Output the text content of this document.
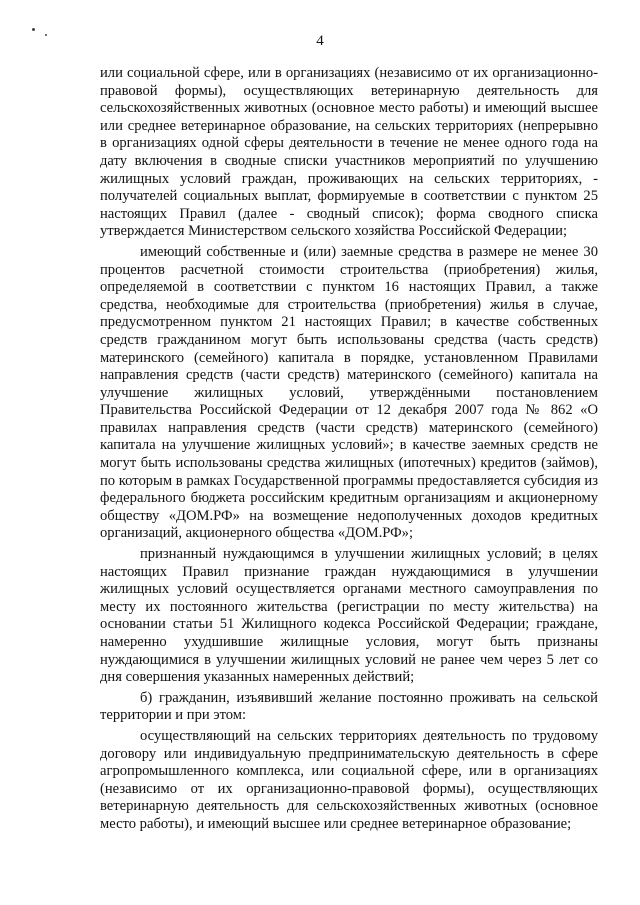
4

или социальной сфере, или в организациях (независимо от их организационно-правовой формы), осуществляющих ветеринарную деятельность для сельскохозяйственных животных (основное место работы) и имеющий высшее или среднее ветеринарное образование, на сельских территориях (непрерывно в организациях одной сферы деятельности в течение не менее одного года на дату включения в сводные списки участников мероприятий по улучшению жилищных условий граждан, проживающих на сельских территориях, - получателей социальных выплат, формируемые в соответствии с пунктом 25 настоящих Правил (далее - сводный список); форма сводного списка утверждается Министерством сельского хозяйства Российской Федерации;

имеющий собственные и (или) заемные средства в размере не менее 30 процентов расчетной стоимости строительства (приобретения) жилья, определяемой в соответствии с пунктом 16 настоящих Правил, а также средства, необходимые для строительства (приобретения) жилья в случае, предусмотренном пунктом 21 настоящих Правил; в качестве собственных средств гражданином могут быть использованы средства (часть средств) материнского (семейного) капитала в порядке, установленном Правилами направления средств (части средств) материнского (семейного) капитала на улучшение жилищных условий, утверждёнными постановлением Правительства Российской Федерации от 12 декабря 2007 года № 862 «О правилах направления средств (части средств) материнского (семейного) капитала на улучшение жилищных условий»; в качестве заемных средств не могут быть использованы средства жилищных (ипотечных) кредитов (займов), по которым в рамках Государственной программы предоставляется субсидия из федерального бюджета российским кредитным организациям и акционерному обществу «ДОМ.РФ» на возмещение недополученных доходов кредитных организаций, акционерного общества «ДОМ.РФ»;

признанный нуждающимся в улучшении жилищных условий; в целях настоящих Правил признание граждан нуждающимися в улучшении жилищных условий осуществляется органами местного самоуправления по месту их постоянного жительства (регистрации по месту жительства) на основании статьи 51 Жилищного кодекса Российской Федерации; граждане, намеренно ухудшившие жилищные условия, могут быть признаны нуждающимися в улучшении жилищных условий не ранее чем через 5 лет со дня совершения указанных намеренных действий;

б) гражданин, изъявивший желание постоянно проживать на сельской территории и при этом:

осуществляющий на сельских территориях деятельность по трудовому договору или индивидуальную предпринимательскую деятельность в сфере агропромышленного комплекса, или социальной сфере, или в организациях (независимо от их организационно-правовой формы), осуществляющих ветеринарную деятельность для сельскохозяйственных животных (основное место работы), и имеющий высшее или среднее ветеринарное образование;
